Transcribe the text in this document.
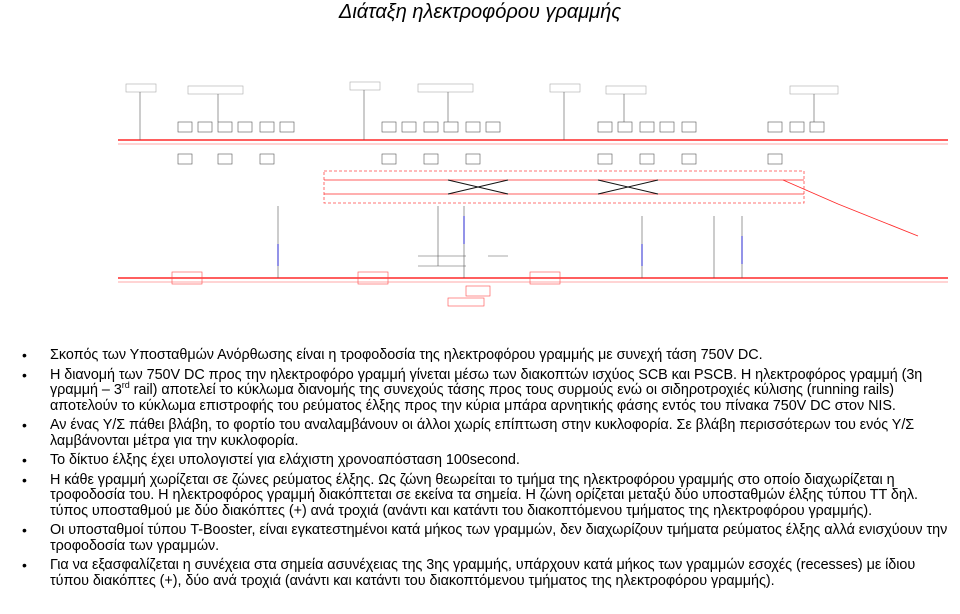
Διάταξη ηλεκτροφόρου γραμμής
• Σκοπός των Υποσταθμών Ανόρθωσης είναι η τροφοδοσία της ηλεκτροφόρου γραμμής με συνεχή τάση 750V DC.
• Η διανομή των 750V DC προς την ηλεκτροφόρο γραμμή γίνεται μέσω των διακοπτών ισχύος SCB και PSCB. Η ηλεκτροφόρος γραμμή (3η γραμμή – 3rd rail) αποτελεί το κύκλωμα διανομής της συνεχούς τάσης προς τους συρμούς ενώ οι σιδηροτροχιές κύλισης (running rails) αποτελούν το κύκλωμα επιστροφής του ρεύματος έλξης προς την κύρια μπάρα αρνητικής φάσης εντός του πίνακα 750V DC στον NIS.
• Αν ένας Υ/Σ πάθει βλάβη, το φορτίο του αναλαμβάνουν οι άλλοι χωρίς επίπτωση στην κυκλοφορία. Σε βλάβη περισσότερων του ενός Υ/Σ λαμβάνονται μέτρα για την κυκλοφορία.
• Το δίκτυο έλξης έχει υπολογιστεί για ελάχιστη χρονοαπόσταση 100second.
• Η κάθε γραμμή χωρίζεται σε ζώνες ρεύματος έλξης. Ως ζώνη θεωρείται το τμήμα της ηλεκτροφόρου γραμμής στο οποίο διαχωρίζεται η τροφοδοσία του. Η ηλεκτροφόρος γραμμή διακόπτεται σε εκείνα τα σημεία. Η ζώνη ορίζεται μεταξύ δύο υποσταθμών έλξης τύπου ΤΤ δηλ. τύπος υποσταθμού με δύο διακόπτες (+) ανά τροχιά (ανάντι και κατάντι του διακοπτόμενου τμήματος της ηλεκτροφόρου γραμμής).
• Οι υποσταθμοί τύπου T-Booster, είναι εγκατεστημένοι κατά μήκος των γραμμών, δεν διαχωρίζουν τμήματα ρεύματος έλξης αλλά ενισχύουν την τροφοδοσία των γραμμών.
• Για να εξασφαλίζεται η συνέχεια στα σημεία ασυνέχειας της 3ης γραμμής, υπάρχουν κατά μήκος των γραμμών εσοχές (recesses) με ίδιου τύπου διακόπτες (+), δύο ανά τροχιά (ανάντι και κατάντι του διακοπτόμενου τμήματος της ηλεκτροφόρου γραμμής).
